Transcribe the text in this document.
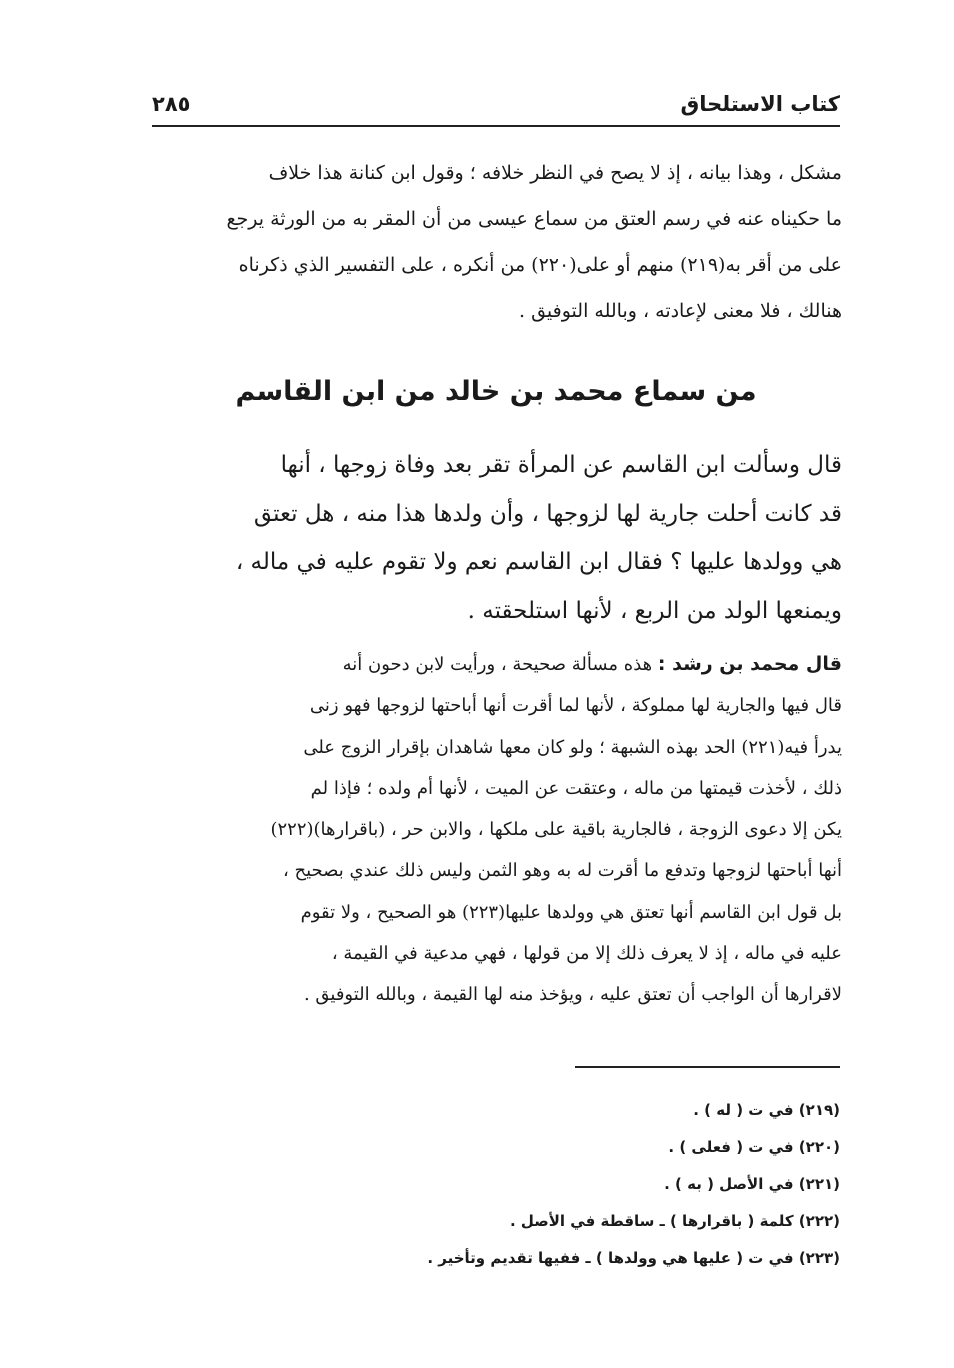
كتاب الاستلحاق
٢٨٥
مشكل ، وهذا بيانه ، إذ لا يصح في النظر خلافه ؛ وقول ابن كنانة هذا خلاف
ما حكيناه عنه في رسم العتق من سماع عيسى من أن المقر به من الورثة يرجع
على من أقر به(٢١٩) منهم أو على(٢٢٠) من أنكره ، على التفسير الذي ذكرناه
هنالك ، فلا معنى لإعادته ، وبالله التوفيق .
من سماع محمد بن خالد من ابن القاسم
قال وسألت ابن القاسم عن المرأة تقر بعد وفاة زوجها ، أنها
قد كانت أحلت جارية لها لزوجها ، وأن ولدها هذا منه ، هل تعتق
هي وولدها عليها ؟ فقال ابن القاسم نعم ولا تقوم عليه في ماله ،
ويمنعها الولد من الربع ، لأنها استلحقته .
قال محمد بن رشد : هذه مسألة صحيحة ، ورأيت لابن دحون أنه
قال فيها والجارية لها مملوكة ، لأنها لما أقرت أنها أباحتها لزوجها فهو زنى
يدرأ فيه(٢٢١) الحد بهذه الشبهة ؛ ولو كان معها شاهدان بإقرار الزوج على
ذلك ، لأخذت قيمتها من ماله ، وعتقت عن الميت ، لأنها أم ولده ؛ فإذا لم
يكن إلا دعوى الزوجة ، فالجارية باقية على ملكها ، والابن حر ، (باقرارها)(٢٢٢)
أنها أباحتها لزوجها وتدفع ما أقرت له به وهو الثمن وليس ذلك عندي بصحيح ،
بل قول ابن القاسم أنها تعتق هي وولدها عليها(٢٢٣) هو الصحيح ، ولا تقوم
عليه في ماله ، إذ لا يعرف ذلك إلا من قولها ، فهي مدعية في القيمة ،
لاقرارها أن الواجب أن تعتق عليه ، ويؤخذ منه لها القيمة ، وبالله التوفيق .
(٢١٩) في ت ( له ) .
(٢٢٠) في ت ( فعلى ) .
(٢٢١) في الأصل ( به ) .
(٢٢٢) كلمة ( باقرارها ) ـ ساقطة في الأصل .
(٢٢٣) في ت ( عليها هي وولدها ) ـ ففيها تقديم وتأخير .
